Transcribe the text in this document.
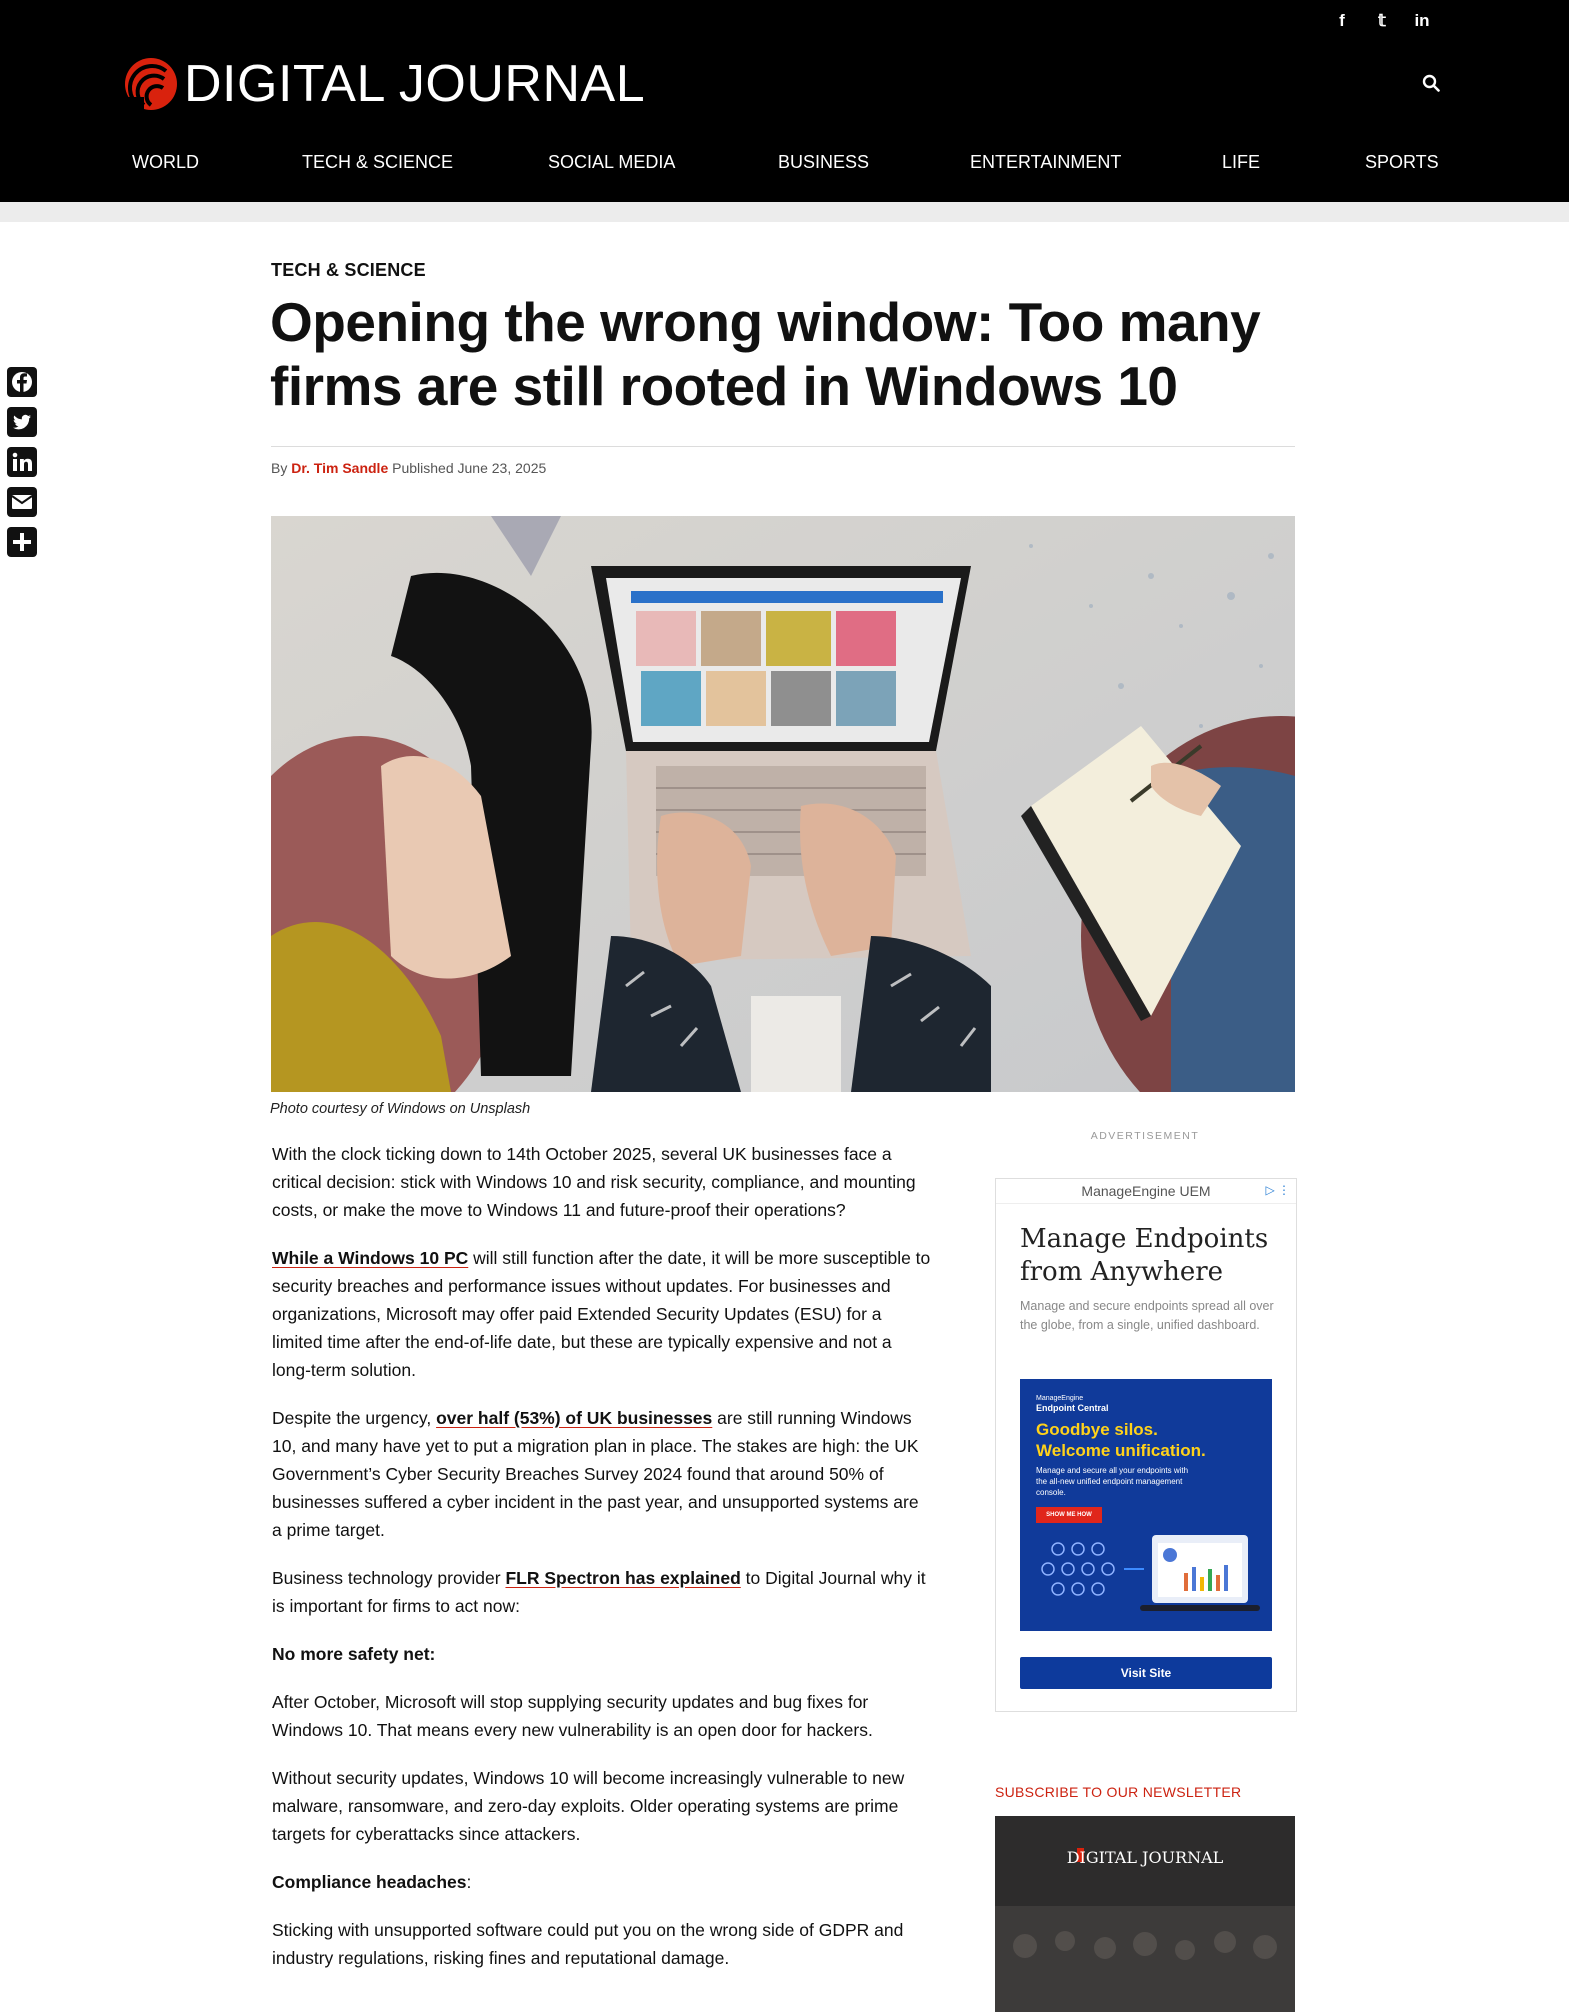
f	𝕥	in
DIGITAL JOURNAL
WORLD	TECH & SCIENCE	SOCIAL MEDIA	BUSINESS	ENTERTAINMENT	LIFE	SPORTS
TECH & SCIENCE
Opening the wrong window: Too many firms are still rooted in Windows 10
By Dr. Tim Sandle Published June 23, 2025
Photo courtesy of Windows on Unsplash

With the clock ticking down to 14th October 2025, several UK businesses face a critical decision: stick with Windows 10 and risk security, compliance, and mounting costs, or make the move to Windows 11 and future-proof their operations?

While a Windows 10 PC will still function after the date, it will be more susceptible to security breaches and performance issues without updates. For businesses and organizations, Microsoft may offer paid Extended Security Updates (ESU) for a limited time after the end-of-life date, but these are typically expensive and not a long-term solution.

Despite the urgency, over half (53%) of UK businesses are still running Windows 10, and many have yet to put a migration plan in place. The stakes are high: the UK Government’s Cyber Security Breaches Survey 2024 found that around 50% of businesses suffered a cyber incident in the past year, and unsupported systems are a prime target.

Business technology provider FLR Spectron has explained to Digital Journal why it is important for firms to act now:

No more safety net:

After October, Microsoft will stop supplying security updates and bug fixes for Windows 10. That means every new vulnerability is an open door for hackers.

Without security updates, Windows 10 will become increasingly vulnerable to new malware, ransomware, and zero-day exploits. Older operating systems are prime targets for cyberattacks since attackers.

Compliance headaches:

Sticking with unsupported software could put you on the wrong side of GDPR and industry regulations, risking fines and reputational damage.

ADVERTISEMENT
ManageEngine UEM	▷ ⋮
Manage Endpoints from Anywhere
Manage and secure endpoints spread all over the globe, from a single, unified dashboard.
ManageEngine
Endpoint Central
Goodbye silos.
Welcome unification.
Manage and secure all your endpoints with the all-new unified endpoint management console.
SHOW ME HOW
Visit Site
SUBSCRIBE TO OUR NEWSLETTER
DIGITAL JOURNAL
